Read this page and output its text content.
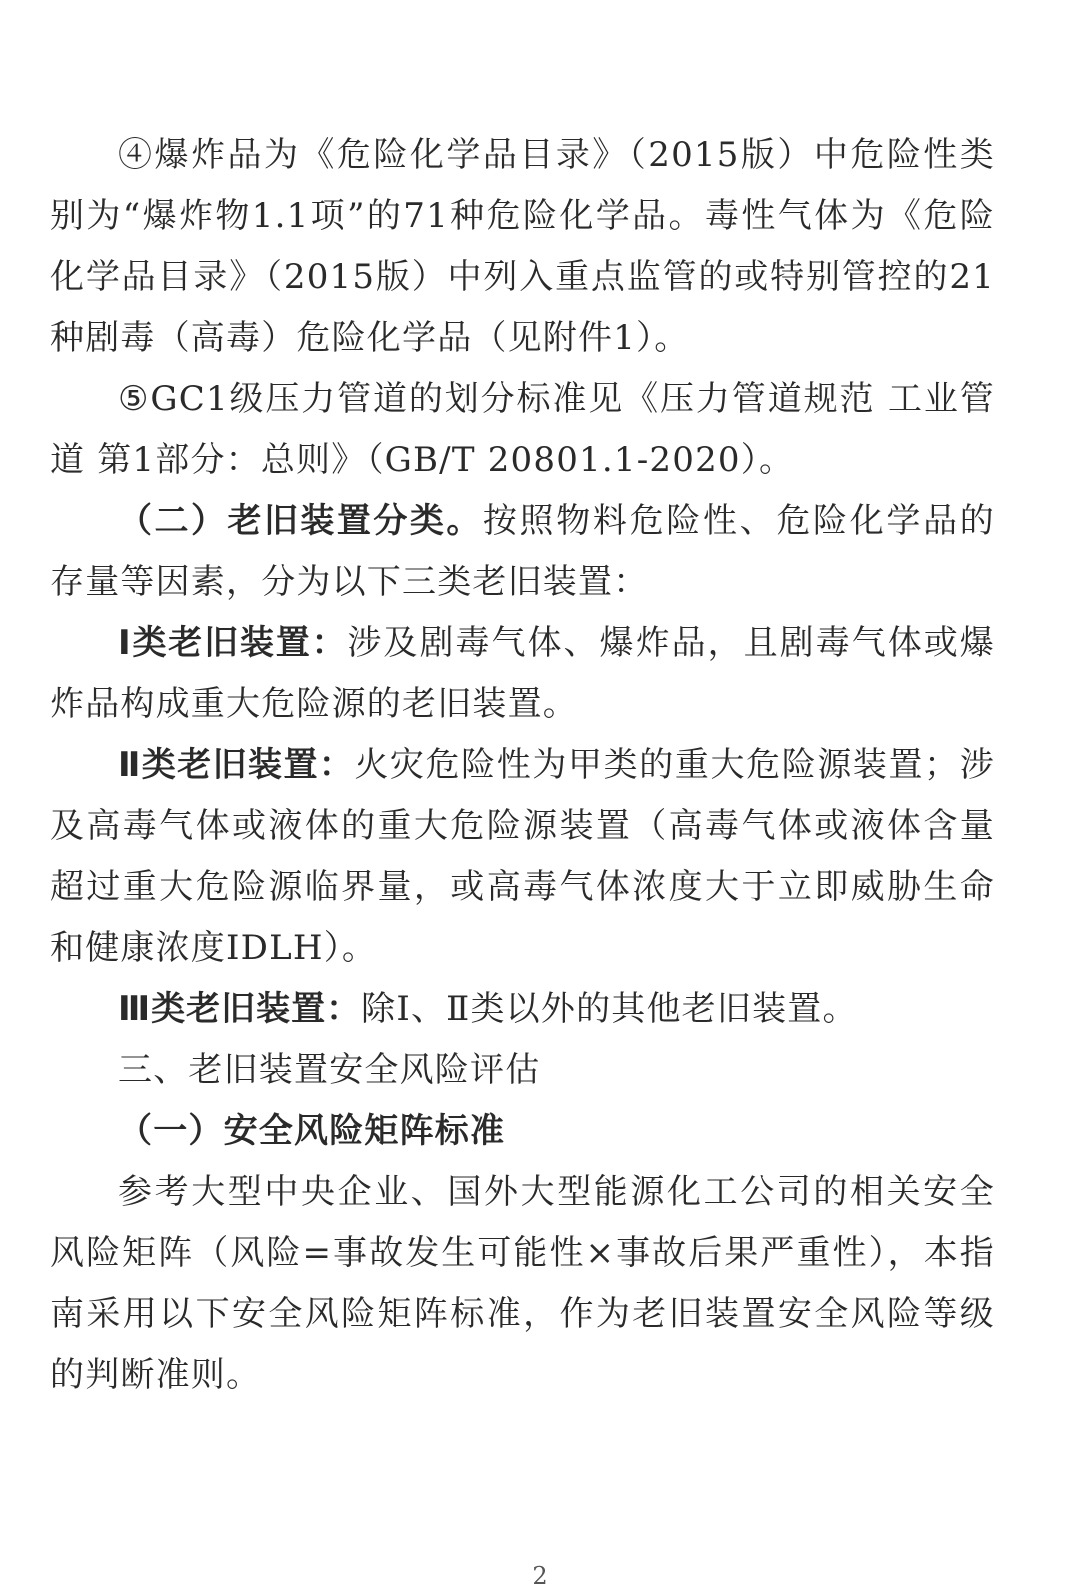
④爆炸品为《危险化学品目录》（2015版）中危险性类别为“爆炸物1.1项”的71种危险化学品。毒性气体为《危险化学品目录》（2015版）中列入重点监管的或特别管控的21种剧毒（高毒）危险化学品（见附件1）。

⑤GC1级压力管道的划分标准见《压力管道规范 工业管道 第1部分：总则》（GB/T 20801.1-2020）。

（二）老旧装置分类。按照物料危险性、危险化学品的存量等因素，分为以下三类老旧装置：

Ⅰ类老旧装置：涉及剧毒气体、爆炸品，且剧毒气体或爆炸品构成重大危险源的老旧装置。

Ⅱ类老旧装置：火灾危险性为甲类的重大危险源装置；涉及高毒气体或液体的重大危险源装置（高毒气体或液体含量超过重大危险源临界量，或高毒气体浓度大于立即威胁生命和健康浓度IDLH）。

Ⅲ类老旧装置：除Ⅰ、Ⅱ类以外的其他老旧装置。

三、老旧装置安全风险评估

（一）安全风险矩阵标准

参考大型中央企业、国外大型能源化工公司的相关安全风险矩阵（风险=事故发生可能性×事故后果严重性），本指南采用以下安全风险矩阵标准，作为老旧装置安全风险等级的判断准则。

2
